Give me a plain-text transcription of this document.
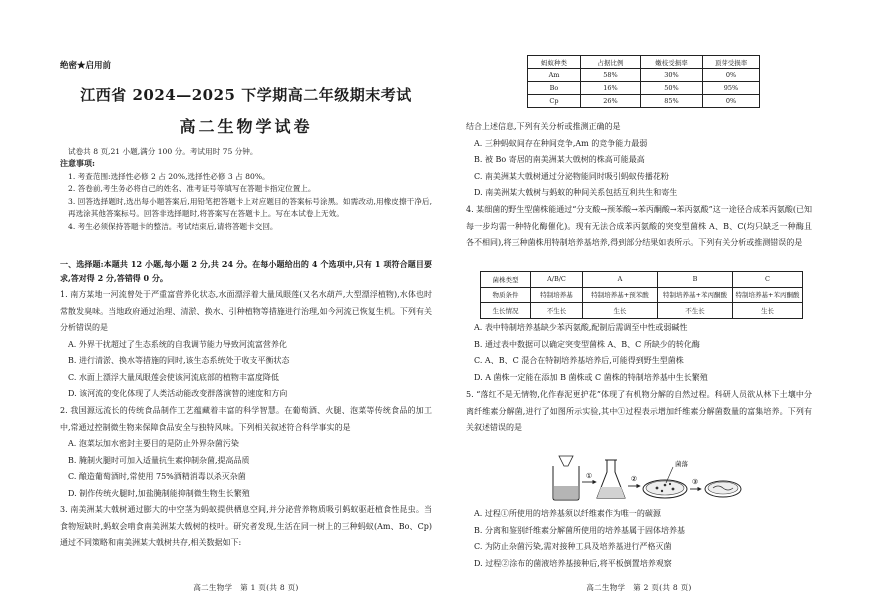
绝密★启用前
江西省 2024—2025 下学期高二年级期末考试
高二生物学试卷
试卷共 8 页,21 小题,满分 100 分。考试用时 75 分钟。
注意事项:
1. 考查范围:选择性必修 2 占 20%,选择性必修 3 占 80%。
2. 答卷前,考生务必将自己的姓名、准考证号等填写在答题卡指定位置上。
3. 回答选择题时,选出每小题答案后,用铅笔把答题卡上对应题目的答案标号涂黑。如需改动,用橡皮擦干净后,再选涂其他答案标号。回答非选择题时,将答案写在答题卡上。写在本试卷上无效。
4. 考生必须保持答题卡的整洁。考试结束后,请将答题卡交回。
一、选择题:本题共 12 小题,每小题 2 分,共 24 分。在每小题给出的 4 个选项中,只有 1 项符合题目要求,答对得 2 分,答错得 0 分。
1. 南方某地一河流曾处于严重富营养化状态,水面漂浮着大量凤眼莲(又名水葫芦,大型漂浮植物),水体也时常散发臭味。当地政府通过治理、清淤、换水、引种植物等措施进行治理,如今河流已恢复生机。下列有关分析错误的是
A. 外界干扰超过了生态系统的自我调节能力导致河流富营养化
B. 进行清淤、换水等措施的同时,该生态系统处于收支平衡状态
C. 水面上漂浮大量凤眼莲会使该河流底部的植物丰富度降低
D. 该河流的变化体现了人类活动能改变群落演替的速度和方向
2. 我国源远流长的传统食品制作工艺蕴藏着丰富的科学智慧。在葡萄酒、火腿、泡菜等传统食品的加工中,常通过控制微生物来保障食品安全与独特风味。下列相关叙述符合科学事实的是
A. 泡菜坛加水密封主要目的是防止外界杂菌污染
B. 腌制火腿时可加入适量抗生素抑制杂菌,提高品质
C. 酿造葡萄酒时,常使用 75%酒精消毒以杀灭杂菌
D. 制作传统火腿时,加盐腌制能抑制微生物生长繁殖
3. 南美洲某大戟树通过膨大的中空茎为蚂蚁提供栖息空间,并分泌营养物质吸引蚂蚁驱赶植食性昆虫。当食物短缺时,蚂蚁会啃食南美洲某大戟树的枝叶。研究者发现,生活在同一树上的三种蚂蚁(Am、Bo、Cp)通过不同策略和南美洲某大戟树共存,相关数据如下:
高二生物学　第 1 页(共 8 页)
蚂蚁种类	占据比例	嫩枝受损率	顶芽受损率
Am	58%	30%	0%
Bo	16%	50%	95%
Cp	26%	85%	0%
结合上述信息,下列有关分析或推测正确的是
A. 三种蚂蚁间存在种间竞争,Am 的竞争能力最弱
B. 被 Bo 寄居的南美洲某大戟树的株高可能最高
C. 南美洲某大戟树通过分泌物能同时吸引蚂蚁传播花粉
D. 南美洲某大戟树与蚂蚁的种间关系包括互利共生和寄生
4. 某细菌的野生型菌株能通过“分支酸→预苯酸→苯丙酮酸→苯丙氨酸”这一途径合成苯丙氨酸(已知每一步均需一种特化酶催化)。现有无法合成苯丙氨酸的突变型菌株 A、B、C(均只缺乏一种酶且各不相同),将三种菌株用特制培养基培养,得到部分结果如表所示。下列有关分析或推测错误的是
菌株类型	A/B/C	A	B	C
物质条件	特制培养基	特制培养基+预苯酸	特制培养基+苯丙酮酸	特制培养基+苯丙酮酸
生长情况	不生长	生长	不生长	生长
A. 表中特制培养基缺少苯丙氨酸,配制后需调至中性或弱碱性
B. 通过表中数据可以确定突变型菌株 A、B、C 所缺少的转化酶
C. A、B、C 混合在特制培养基培养后,可能得到野生型菌株
D. A 菌株一定能在添加 B 菌株或 C 菌株的特制培养基中生长繁殖
5. “落红不是无情物,化作春泥更护花”体现了有机物分解的自然过程。科研人员欲从林下土壤中分离纤维素分解菌,进行了如图所示实验,其中①过程表示增加纤维素分解菌数量的富集培养。下列有关叙述错误的是
①	②
菌落
③
A. 过程①所使用的培养基须以纤维素作为唯一的碳源
B. 分离和鉴别纤维素分解菌所使用的培养基属于固体培养基
C. 为防止杂菌污染,需对接种工具及培养基进行严格灭菌
D. 过程②涂布的菌液培养基接种后,将平板倒置培养观察
高二生物学　第 2 页(共 8 页)
